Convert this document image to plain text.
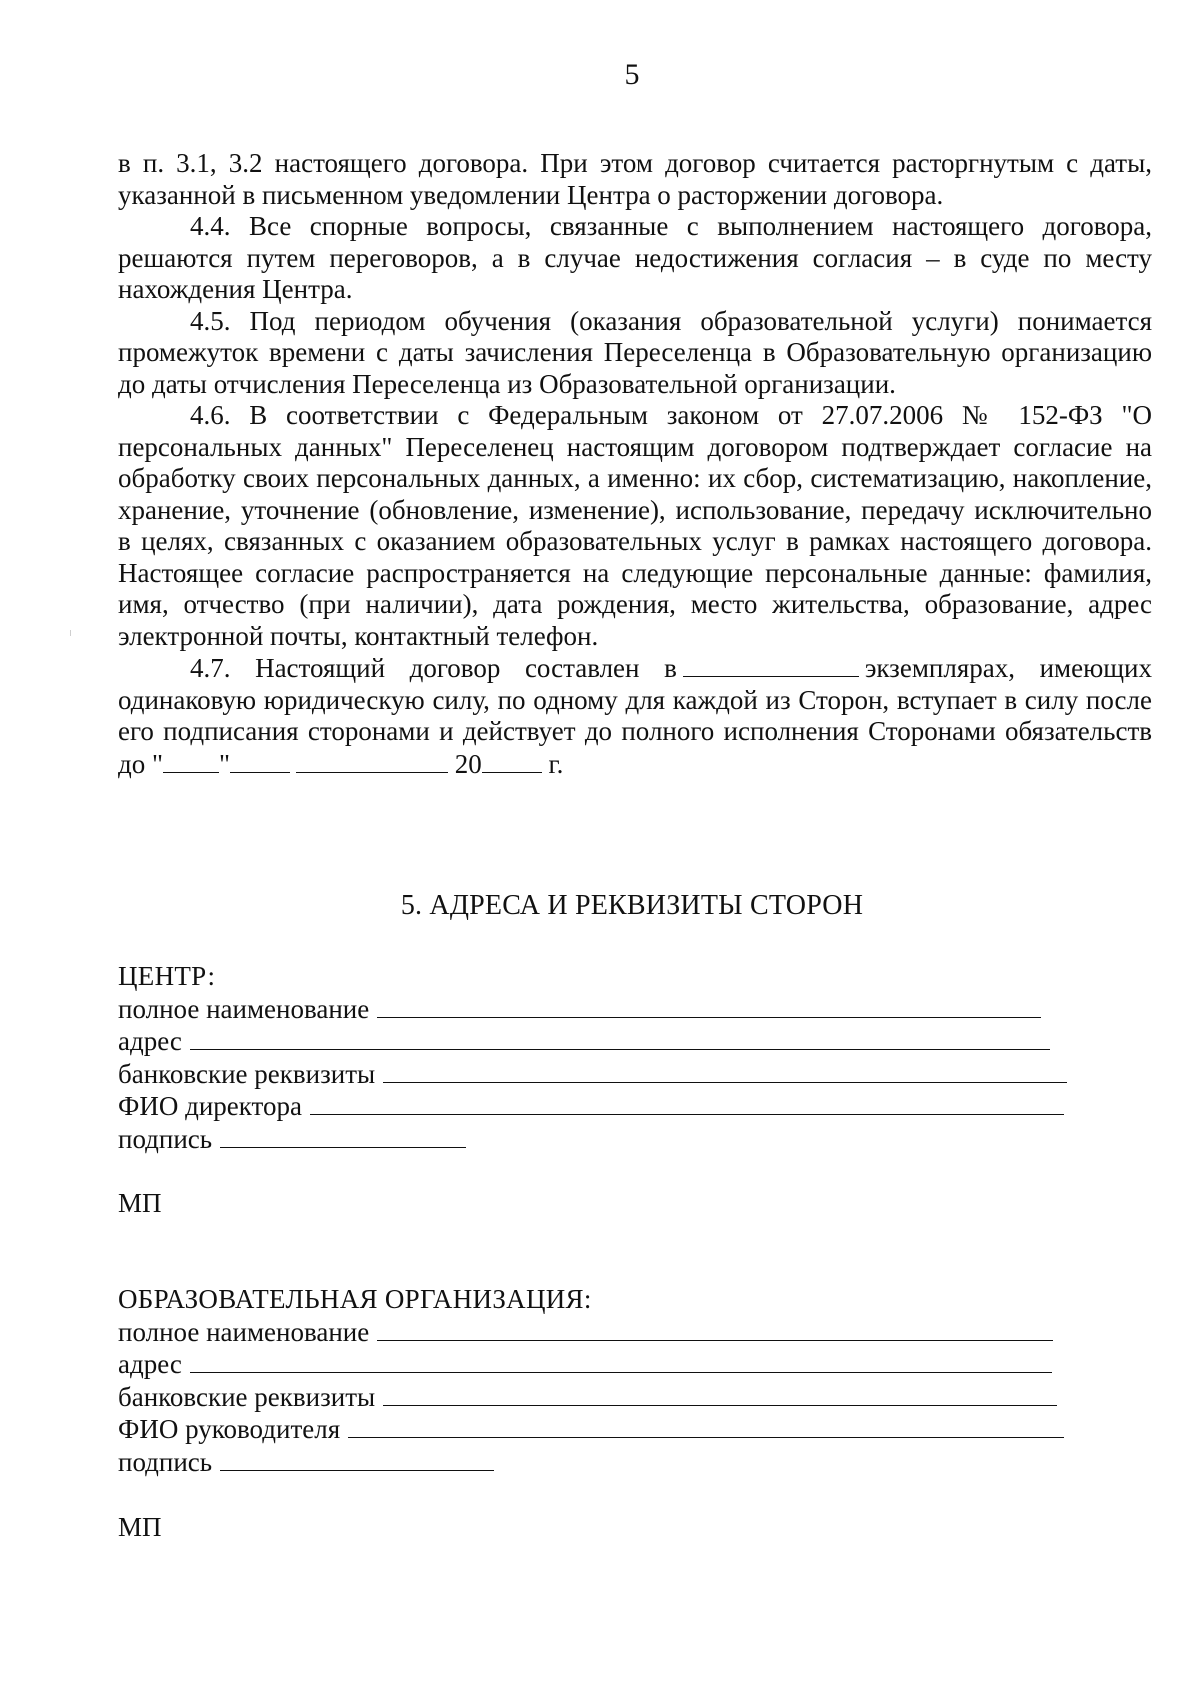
5

в п. 3.1, 3.2 настоящего договора. При этом договор считается расторгнутым с даты, указанной в письменном уведомлении Центра о расторжении договора.

4.4. Все спорные вопросы, связанные с выполнением настоящего договора, решаются путем переговоров, а в случае недостижения согласия – в суде по месту нахождения Центра.

4.5. Под периодом обучения (оказания образовательной услуги) понимается промежуток времени с даты зачисления Переселенца в Образовательную организацию до даты отчисления Переселенца из Образовательной организации.

4.6. В соответствии с Федеральным законом от 27.07.2006 № 152-ФЗ "О персональных данных" Переселенец настоящим договором подтверждает согласие на обработку своих персональных данных, а именно: их сбор, систематизацию, накопление, хранение, уточнение (обновление, изменение), использование, передачу исключительно в целях, связанных с оказанием образовательных услуг в рамках настоящего договора. Настоящее согласие распространяется на следующие персональные данные: фамилия, имя, отчество (при наличии), дата рождения, место жительства, образование, адрес электронной почты, контактный телефон.

4.7. Настоящий договор составлен в	экземплярах, имеющих одинаковую юридическую силу, по одному для каждой из Сторон, вступает в силу после его подписания сторонами и действует до полного исполнения Сторонами обязательств до " "	20 г.

5. АДРЕСА И РЕКВИЗИТЫ СТОРОН

ЦЕНТР:

полное наименование

адрес

банковские реквизиты

ФИО директора

подпись

МП

ОБРАЗОВАТЕЛЬНАЯ ОРГАНИЗАЦИЯ:

полное наименование

адрес

банковские реквизиты

ФИО руководителя

подпись

МП
